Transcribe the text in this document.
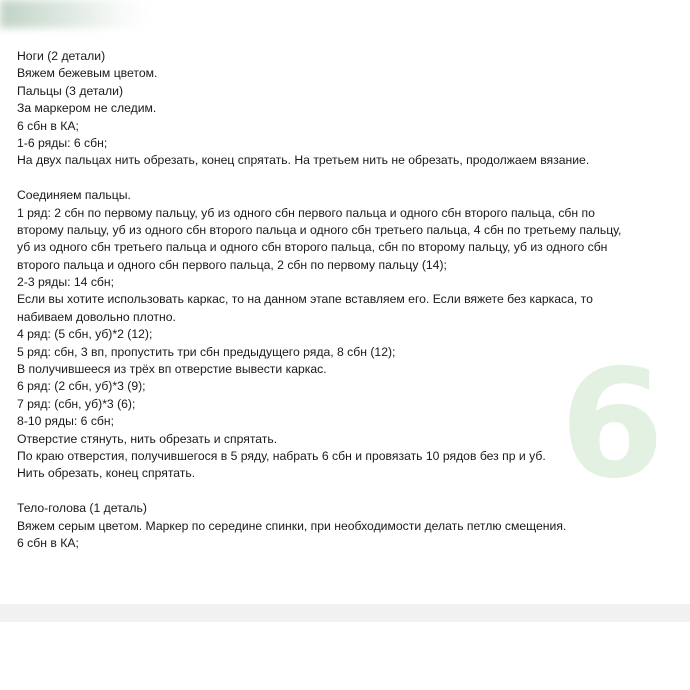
6
Ноги (2 детали)
Вяжем бежевым цветом.
Пальцы (3 детали)
За маркером не следим.
6 сбн в КА;
1-6 ряды: 6 сбн;
На двух пальцах нить обрезать, конец спрятать. На третьем нить не обрезать, продолжаем вязание.
Соединяем пальцы.
1 ряд: 2 сбн по первому пальцу, уб из одного сбн первого пальца и одного сбн второго пальца, сбн по
второму пальцу, уб из одного сбн второго пальца и одного сбн третьего пальца, 4 сбн по третьему пальцу,
уб из одного сбн третьего пальца и одного сбн второго пальца, сбн по второму пальцу, уб из одного сбн
второго пальца и одного сбн первого пальца, 2 сбн по первому пальцу (14);
2-3 ряды: 14 сбн;
Если вы хотите использовать каркас, то на данном этапе вставляем его. Если вяжете без каркаса, то
набиваем довольно плотно.
4 ряд: (5 сбн, уб)*2 (12);
5 ряд: сбн, 3 вп, пропустить три сбн предыдущего ряда, 8 сбн (12);
В получившееся из трёх вп отверстие вывести каркас.
6 ряд: (2 сбн, уб)*3 (9);
7 ряд: (сбн, уб)*3 (6);
8-10 ряды: 6 сбн;
Отверстие стянуть, нить обрезать и спрятать.
По краю отверстия, получившегося в 5 ряду, набрать 6 сбн и провязать 10 рядов без пр и уб.
Нить обрезать, конец спрятать.
Тело-голова (1 деталь)
Вяжем серым цветом. Маркер по середине спинки, при необходимости делать петлю смещения.
6 сбн в КА;
